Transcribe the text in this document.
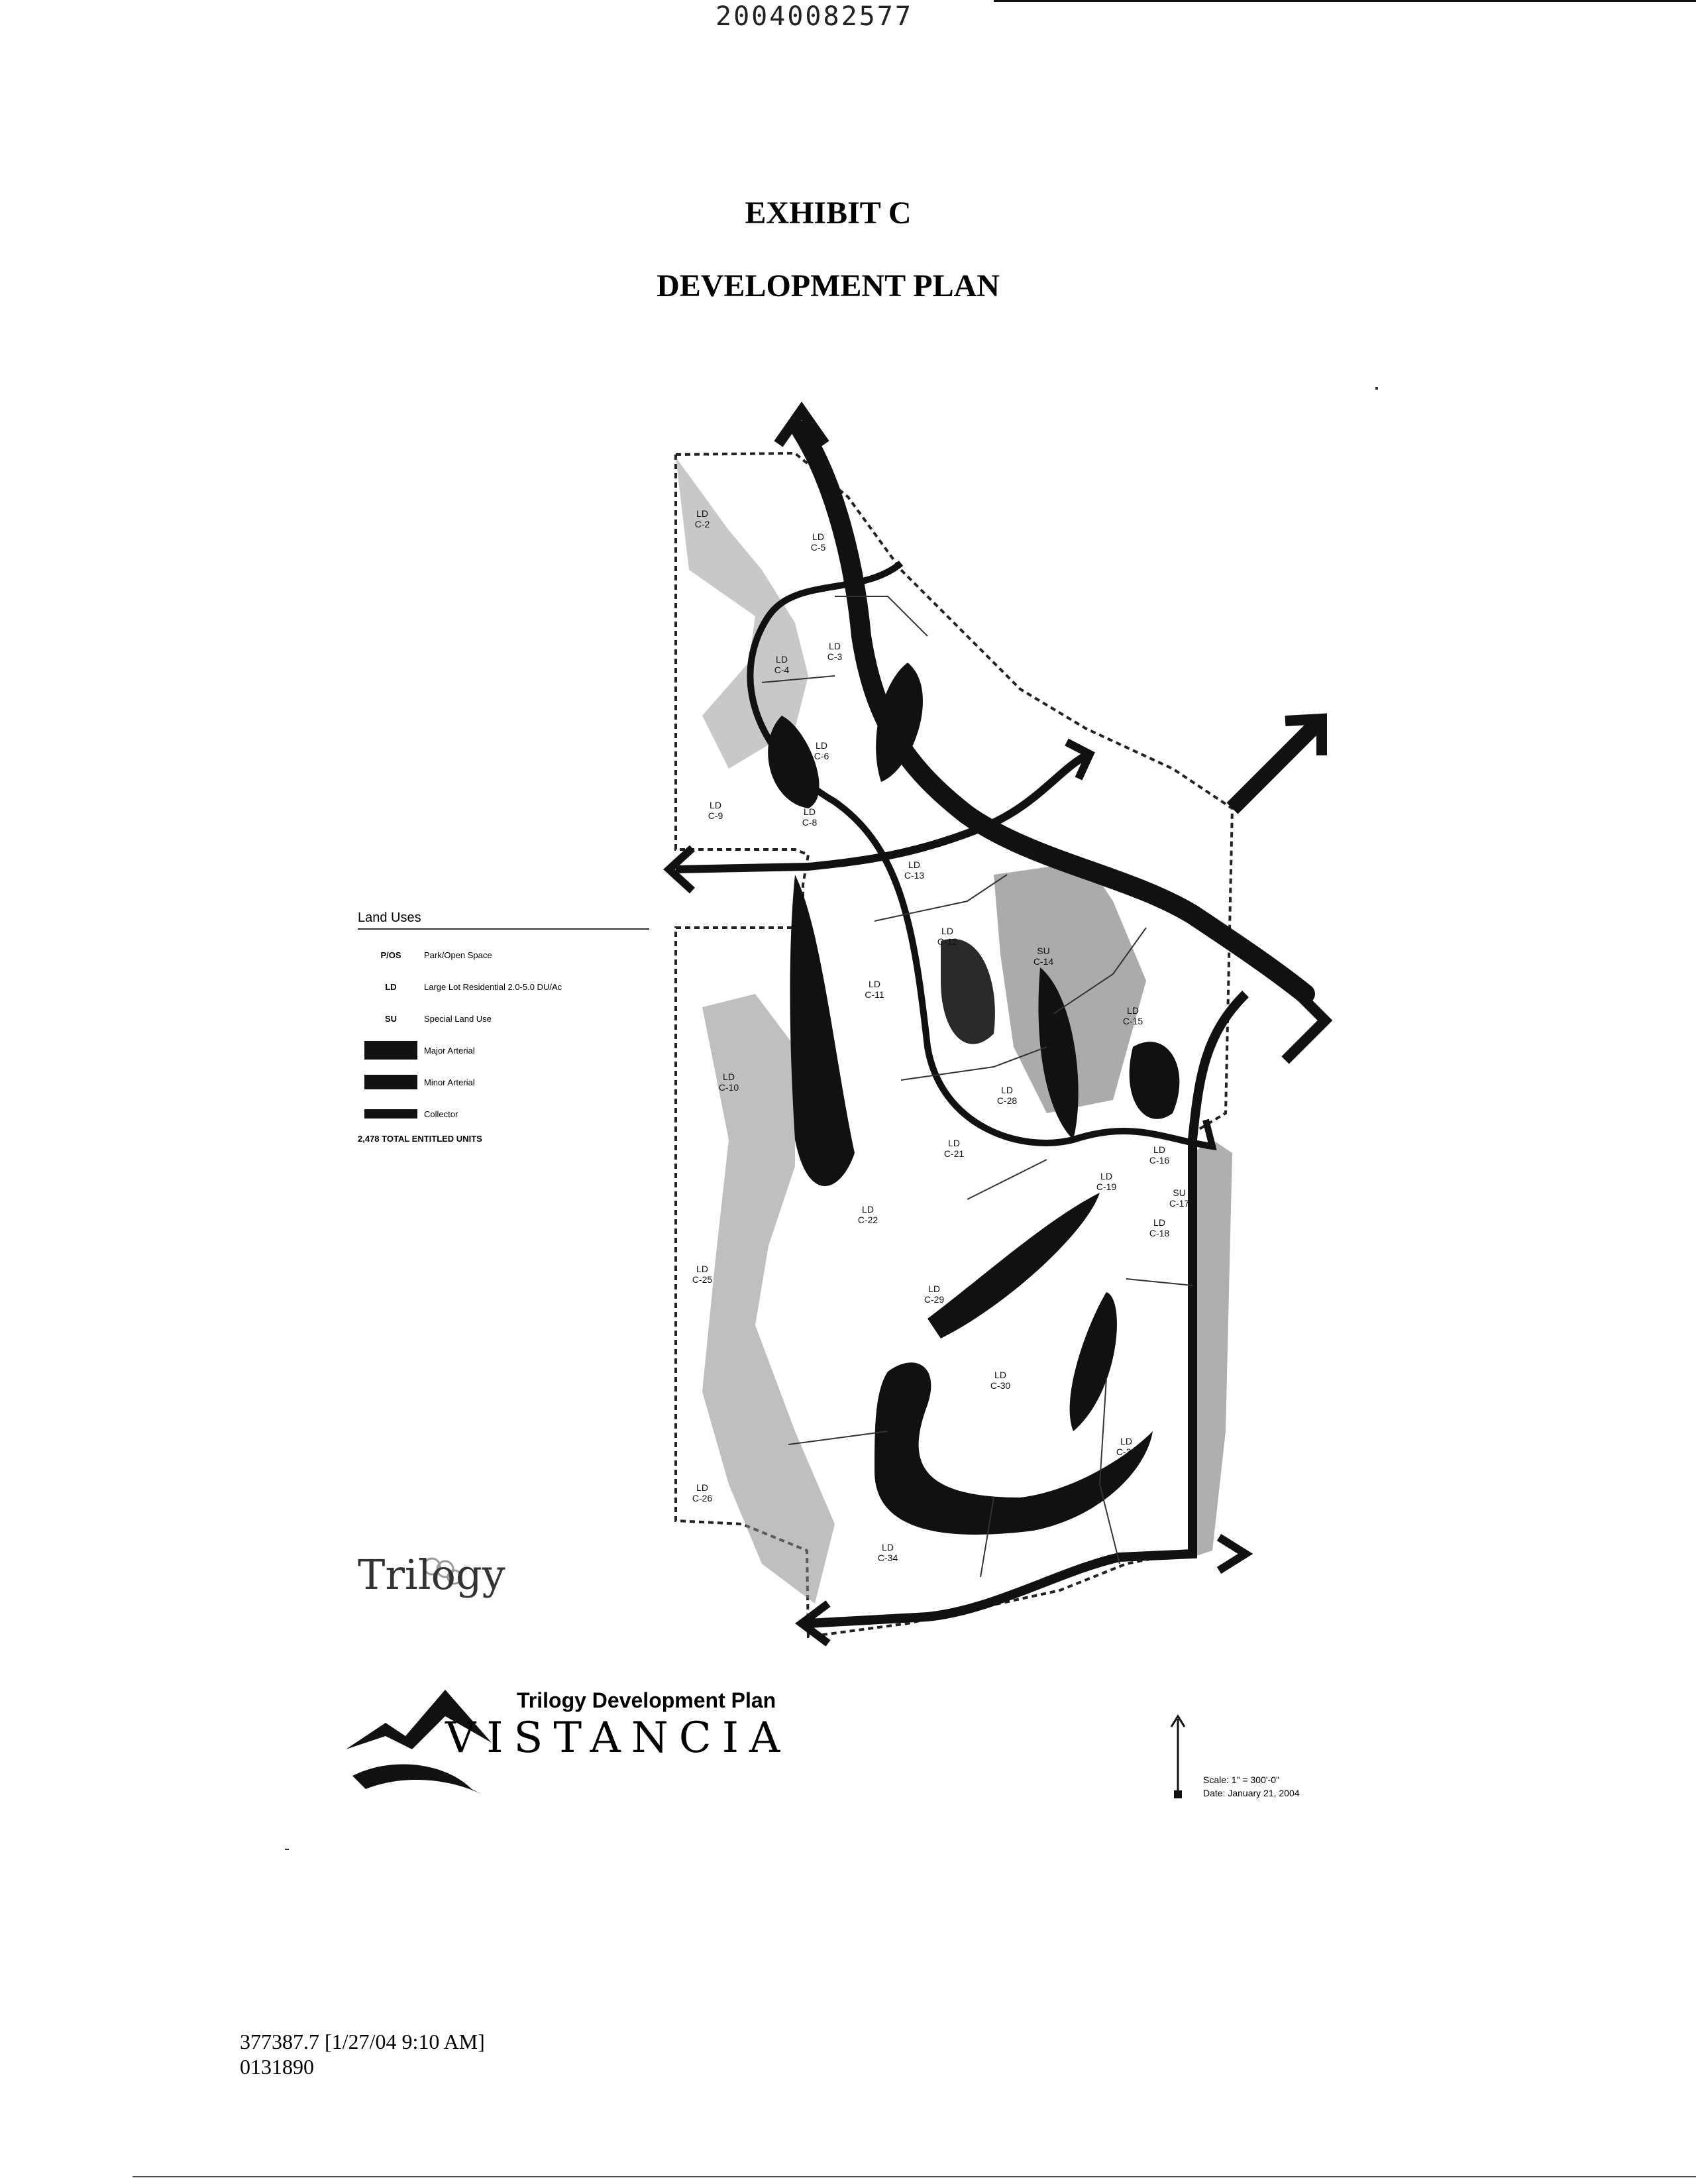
20040082577
EXHIBIT C
DEVELOPMENT PLAN
LD
C-2
LD
C-3
LD
C-4
LD
C-5
LD
C-6
LD
C-8
LD
C-9
LD
C-10
LD
C-11
LD
C-12
LD
C-13
SU
C-14
LD
C-15
LD
C-16
SU
C-17
LD
C-18
LD
C-19
LD
C-20
LD
C-21
LD
C-22
LD
C-25
LD
C-26
LD
C-28
LD
C-29
LD
C-30
LD
C-31
LD
C-33
LD
C-34
Land Uses
P/OS	Park/Open Space
LD	Large Lot Residential 2.0-5.0 DU/Ac
SU	Special Land Use
Major Arterial
Minor Arterial
Collector
2,478 TOTAL ENTITLED UNITS
Trilogy
Trilogy Development Plan
VISTANCIA
Scale: 1" = 300'-0"
Date: January 21, 2004
377387.7 [1/27/04 9:10 AM]
0131890
